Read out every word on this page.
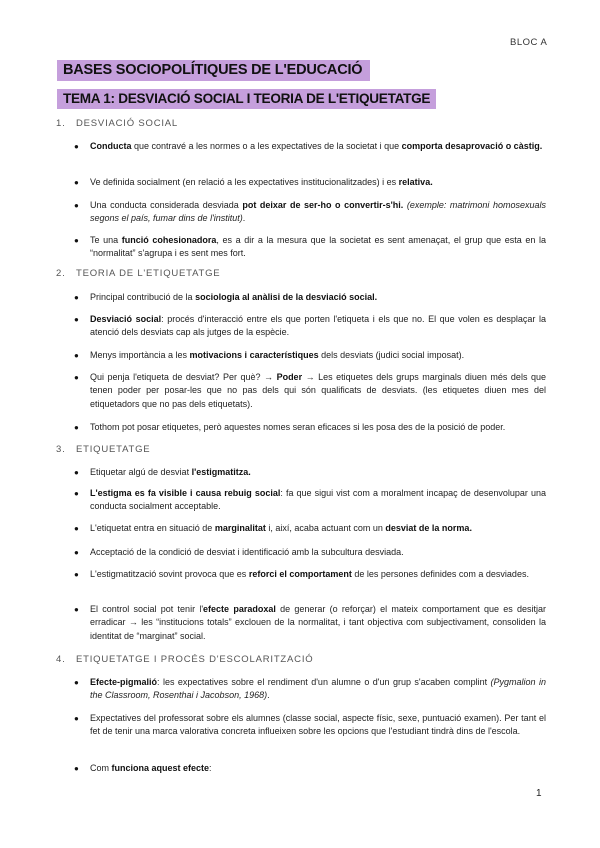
BLOC A
BASES SOCIOPOLÍTIQUES DE L'EDUCACIÓ
TEMA 1: DESVIACIÓ SOCIAL I TEORIA DE L'ETIQUETATGE
1. DESVIACIÓ SOCIAL
● Conducta que contravé a les normes o a les expectatives de la societat i que comporta desaprovació o càstig.
● Ve definida socialment (en relació a les expectatives institucionalitzades) i es relativa.
● Una conducta considerada desviada pot deixar de ser-ho o convertir-s'hi. (exemple: matrimoni homosexuals segons el país, fumar dins de l'institut).
● Te una funció cohesionadora, es a dir a la mesura que la societat es sent amenaçat, el grup que esta en la “normalitat” s'agrupa i es sent mes fort.
2. TEORIA DE L'ETIQUETATGE
● Principal contribució de la sociologia al anàlisi de la desviació social.
● Desviació social: procés d'interacció entre els que porten l'etiqueta i els que no. El que volen es desplaçar la atenció dels desviats cap als jutges de la espècie.
● Menys importància a les motivacions i característiques dels desviats (judici social imposat).
● Qui penja l'etiqueta de desviat? Per què? → Poder → Les etiquetes dels grups marginals diuen més dels que tenen poder per posar-les que no pas dels qui són qualificats de desviats. (les etiquetes diuen mes del etiquetadors que no pas dels etiquetats).
● Tothom pot posar etiquetes, però aquestes nomes seran eficaces si les posa des de la posició de poder.
3. ETIQUETATGE
● Etiquetar algú de desviat l'estigmatitza.
● L'estigma es fa visible i causa rebuig social: fa que sigui vist com a moralment incapaç de desenvolupar una conducta socialment acceptable.
● L'etiquetat entra en situació de marginalitat i, així, acaba actuant com un desviat de la norma.
● Acceptació de la condició de desviat i identificació amb la subcultura desviada.
● L'estigmatització sovint provoca que es reforci el comportament de les persones definides com a desviades.
● El control social pot tenir l'efecte paradoxal de generar (o reforçar) el mateix comportament que es desitjar erradicar → les “institucions totals” exclouen de la normalitat, i tant objectiva com subjectivament, consoliden la identitat de “marginat” social.
4. ETIQUETATGE I PROCÉS D'ESCOLARITZACIÓ
● Efecte-pigmalió: les expectatives sobre el rendiment d'un alumne o d'un grup s'acaben complint (Pygmalion in the Classroom, Rosenthai i Jacobson, 1968).
● Expectatives del professorat sobre els alumnes (classe social, aspecte físic, sexe, puntuació examen). Per tant el fet de tenir una marca valorativa concreta influeixen sobre les opcions que l'estudiant tindrà dins de l'escola.
● Com funciona aquest efecte:
1
